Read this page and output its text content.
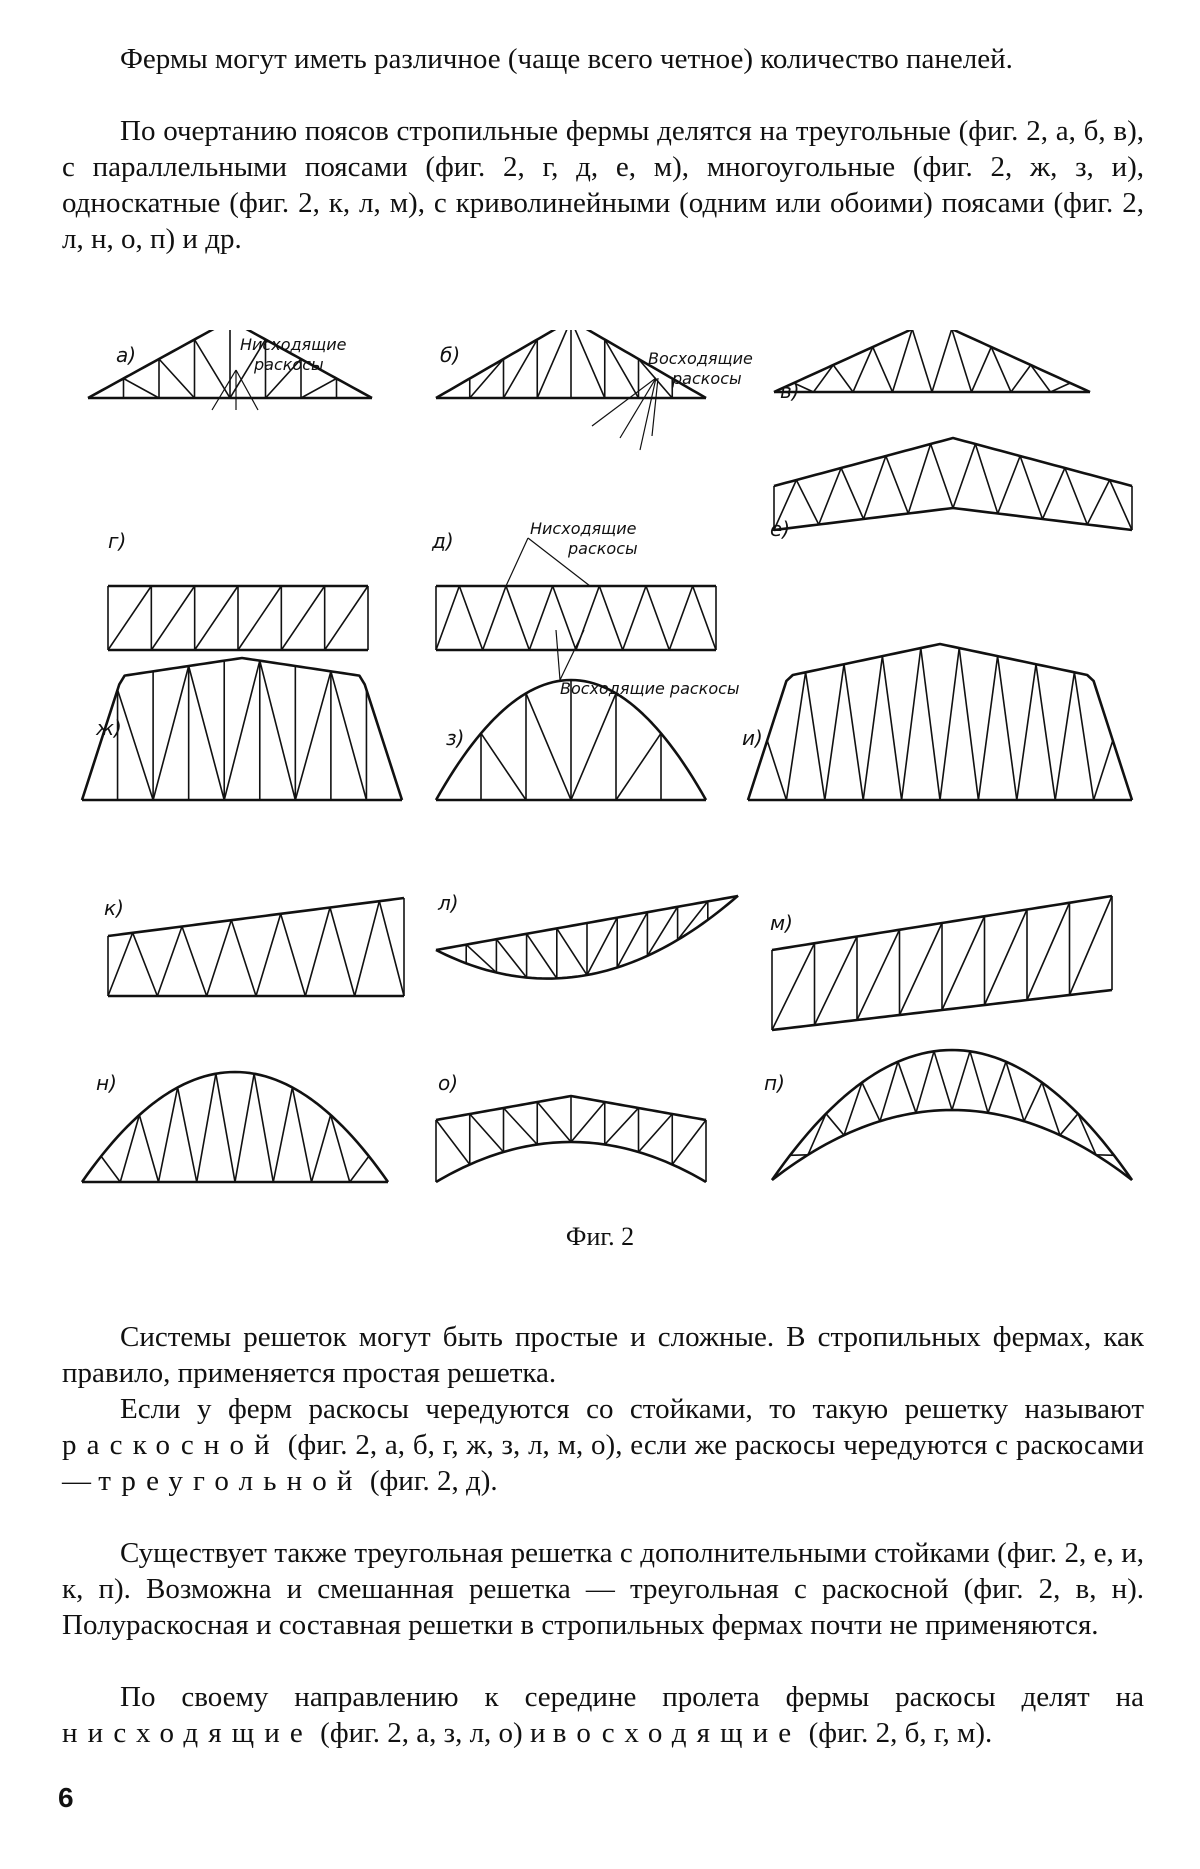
Фермы могут иметь различное (чаще всего четное) количество панелей.

По очертанию поясов стропильные фермы делятся на треугольные (фиг. 2, а, б, в), с параллельными поясами (фиг. 2, г, д, е, м), многоугольные (фиг. 2, ж, з, и), односкатные (фиг. 2, к, л, м), с криволинейными (одним или обоими) поясами (фиг. 2, л, н, о, п) и др.

а)	б)
в)
г)	д)	е)
ж)	з)	и)
к)	л)
м)
н)	о)	п)
Нисходящие
раскосы	Восходящие
раскосы
Нисходящие
раскосы
Восходящие раскосы
Фиг. 2

Системы решеток могут быть простые и сложные. В стропильных фермах, как правило, применяется простая решетка.

Если у ферм раскосы чередуются со стойками, то такую решетку называют раскосной (фиг. 2, а, б, г, ж, з, л, м, о), если же раскосы чередуются с раскосами — треугольной (фиг. 2, д).

Существует также треугольная решетка с дополнительными стойками (фиг. 2, е, и, к, п). Возможна и смешанная решетка — треугольная с раскосной (фиг. 2, в, н). Полураскосная и составная решетки в стропильных фермах почти не применяются.

По своему направлению к середине пролета фермы раскосы делят на нисходящие (фиг. 2, а, з, л, о) и восходящие (фиг. 2, б, г, м).

6
